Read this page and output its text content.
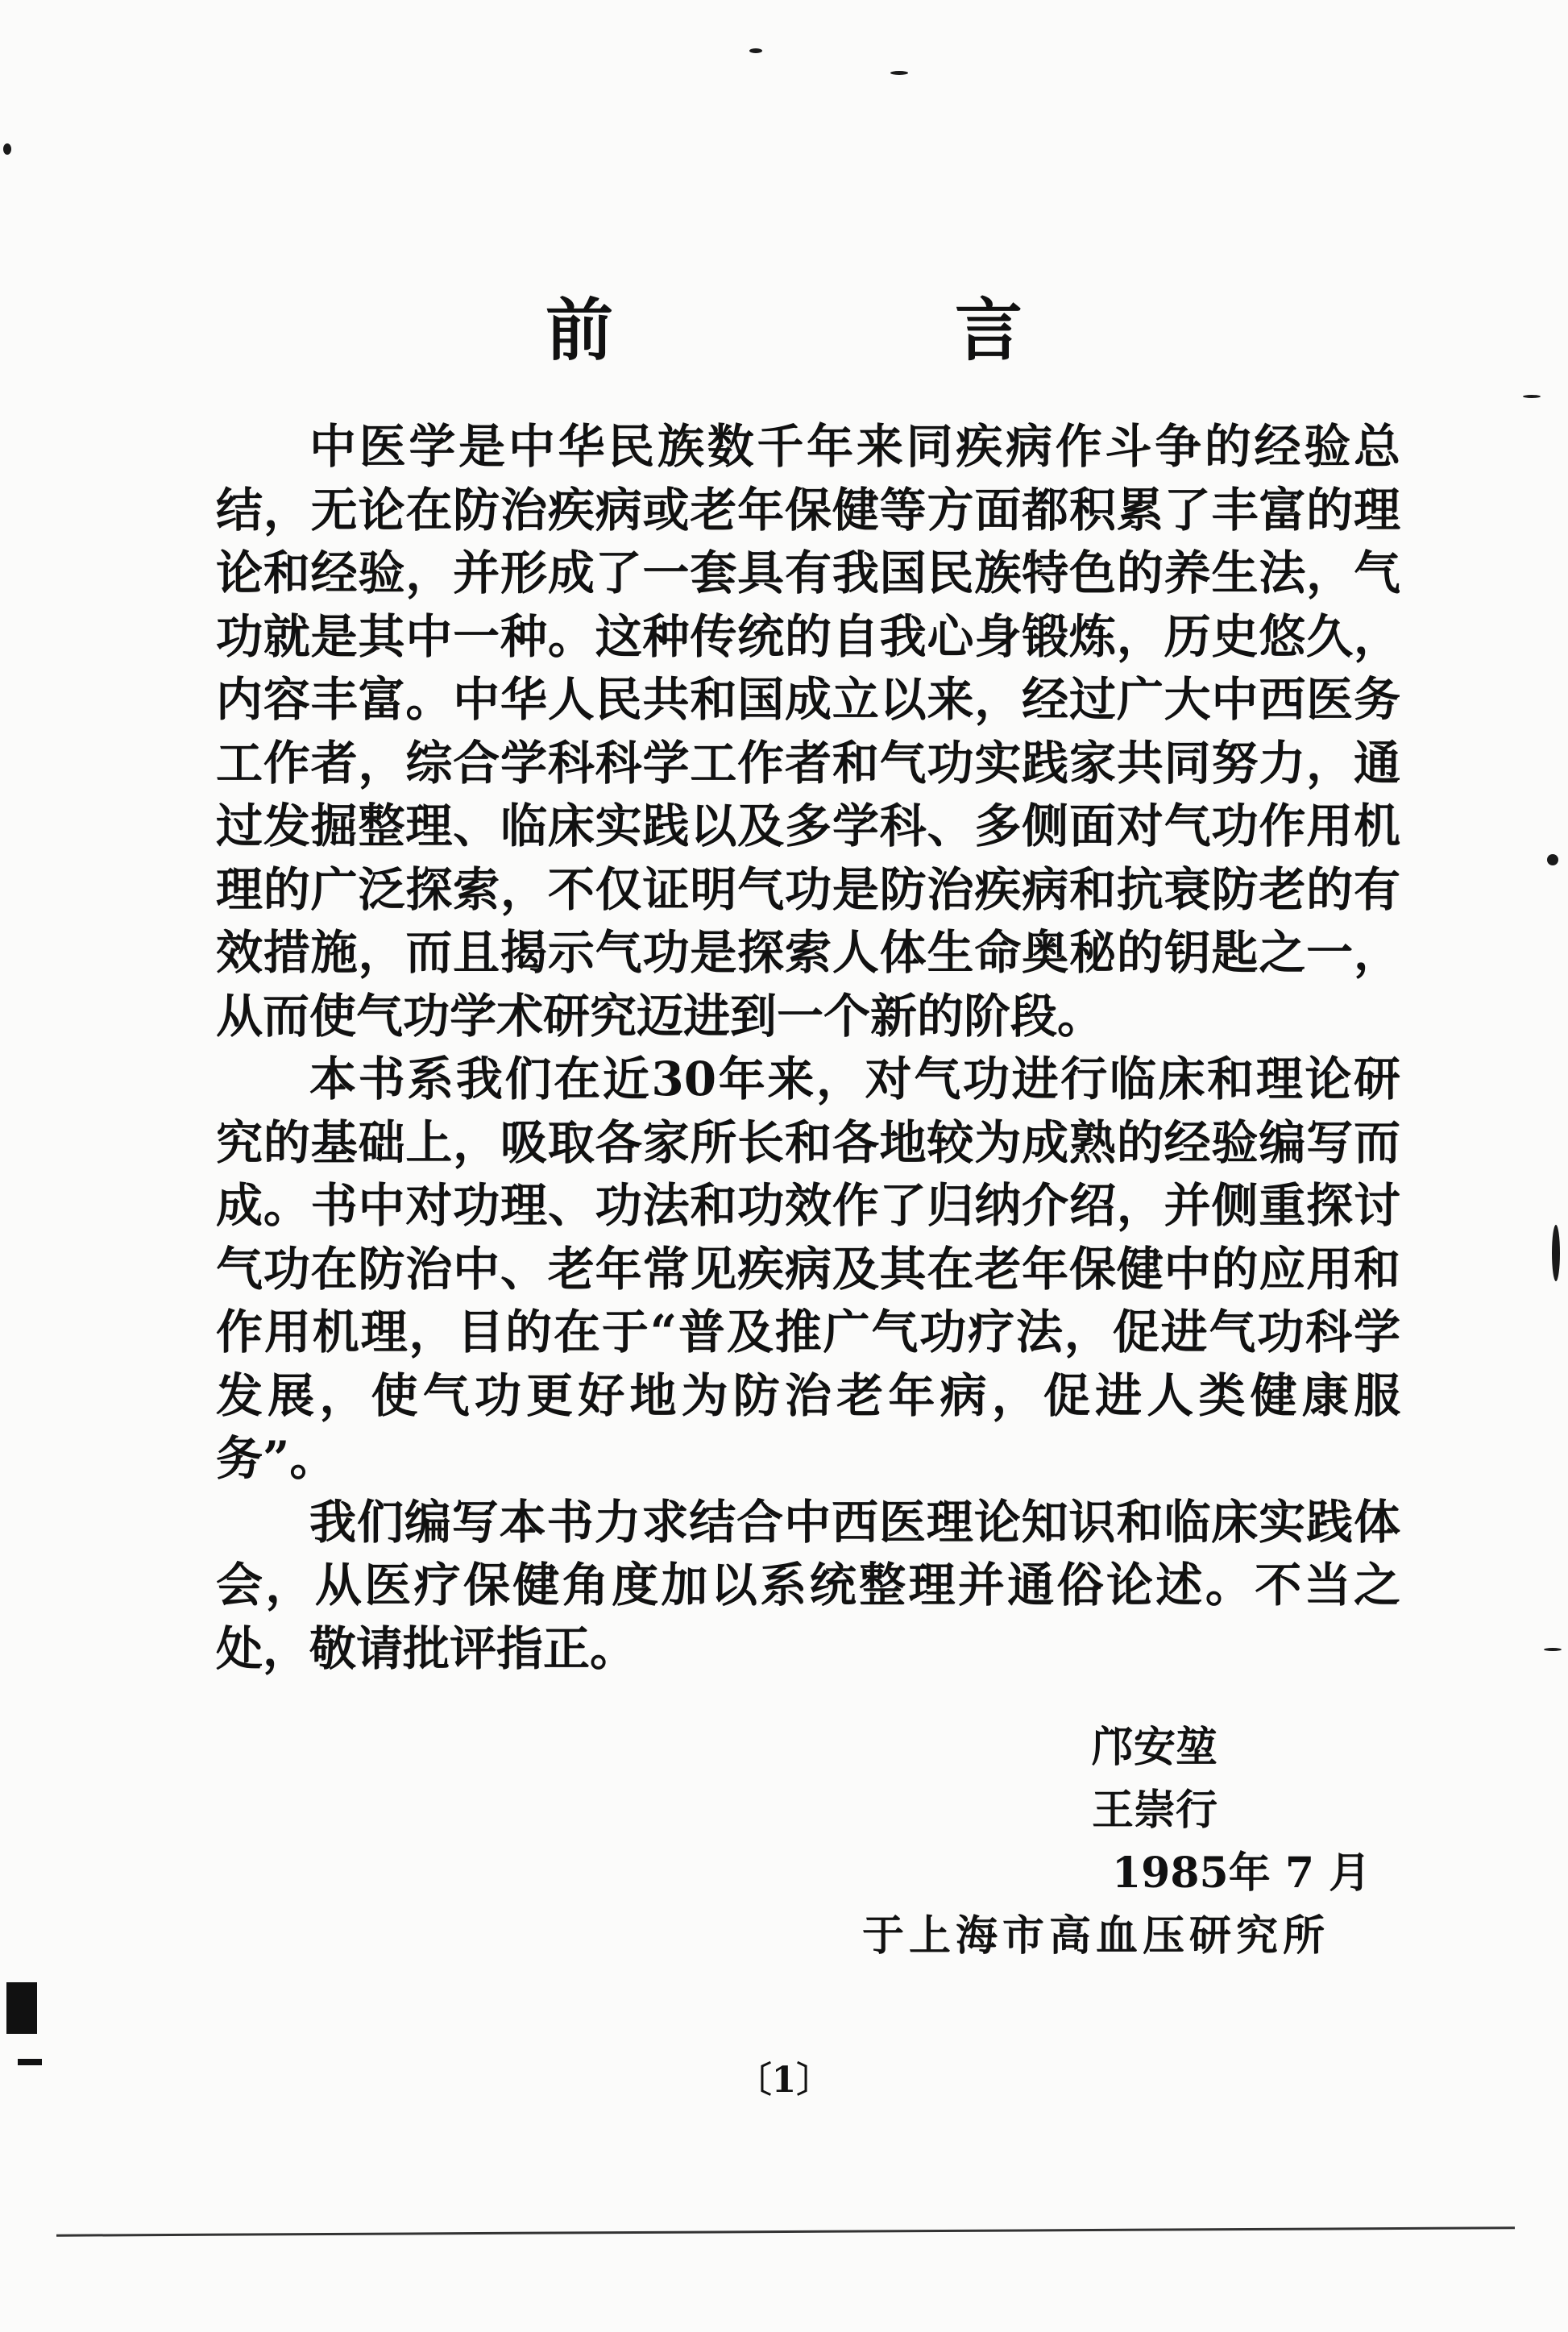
前　言

中医学是中华民族数千年来同疾病作斗争的经验总结，无论在防治疾病或老年保健等方面都积累了丰富的理论和经验，并形成了一套具有我国民族特色的养生法，气功就是其中一种。这种传统的自我心身锻炼，历史悠久，内容丰富。中华人民共和国成立以来，经过广大中西医务工作者，综合学科科学工作者和气功实践家共同努力，通过发掘整理、临床实践以及多学科、多侧面对气功作用机理的广泛探索，不仅证明气功是防治疾病和抗衰防老的有效措施，而且揭示气功是探索人体生命奥秘的钥匙之一，从而使气功学术研究迈进到一个新的阶段。

本书系我们在近30年来，对气功进行临床和理论研究的基础上，吸取各家所长和各地较为成熟的经验编写而成。书中对功理、功法和功效作了归纳介绍，并侧重探讨气功在防治中、老年常见疾病及其在老年保健中的应用和作用机理，目的在于“普及推广气功疗法，促进气功科学发展，使气功更好地为防治老年病，促进人类健康服务”。

我们编写本书力求结合中西医理论知识和临床实践体会，从医疗保健角度加以系统整理并通俗论述。不当之处，敬请批评指正。

邝安堃
王崇行
1985年 7 月
于上海市高血压研究所
〔1〕
